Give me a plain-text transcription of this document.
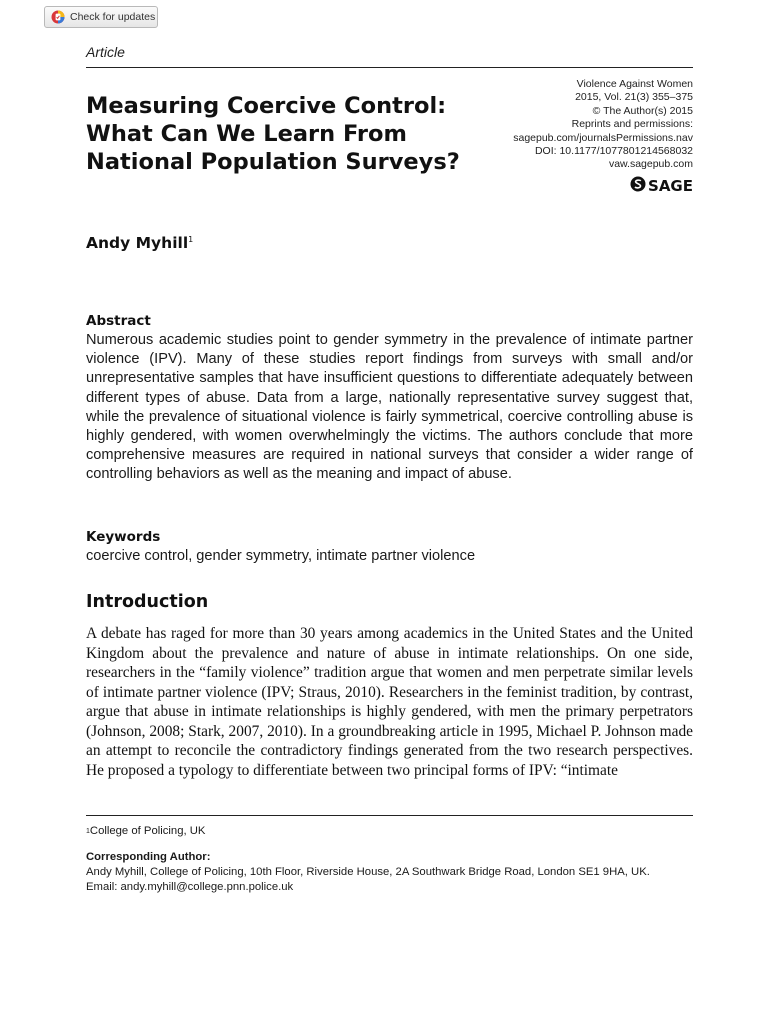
Check for updates
Article
Measuring Coercive Control: What Can We Learn From National Population Surveys?
Violence Against Women
2015, Vol. 21(3) 355–375
© The Author(s) 2015
Reprints and permissions:
sagepub.com/journalsPermissions.nav
DOI: 10.1177/1077801214568032
vaw.sagepub.com
SAGE
Andy Myhill$^1$
Abstract

Numerous academic studies point to gender symmetry in the prevalence of intimate partner violence (IPV). Many of these studies report findings from surveys with small and/or unrepresentative samples that have insufficient questions to differentiate adequately between different types of abuse. Data from a large, nationally representative survey suggest that, while the prevalence of situational violence is fairly symmetrical, coercive controlling abuse is highly gendered, with women overwhelmingly the victims. The authors conclude that more comprehensive measures are required in national surveys that consider a wider range of controlling behaviors as well as the meaning and impact of abuse.

Keywords

coercive control, gender symmetry, intimate partner violence

Introduction

A debate has raged for more than 30 years among academics in the United States and the United Kingdom about the prevalence and nature of abuse in intimate relationships. On one side, researchers in the “family violence” tradition argue that women and men perpetrate similar levels of intimate partner violence (IPV; Straus, 2010). Researchers in the feminist tradition, by contrast, argue that abuse in intimate relationships is highly gendered, with men the primary perpetrators (Johnson, 2008; Stark, 2007, 2010). In a groundbreaking article in 1995, Michael P. Johnson made an attempt to reconcile the contradictory findings generated from the two research perspectives. He proposed a typology to differentiate between two principal forms of IPV: “intimate

$^1$College of Policing, UK
Corresponding Author:
Andy Myhill, College of Policing, 10th Floor, Riverside House, 2A Southwark Bridge Road, London SE1 9HA, UK.
Email: andy.myhill@college.pnn.police.uk
